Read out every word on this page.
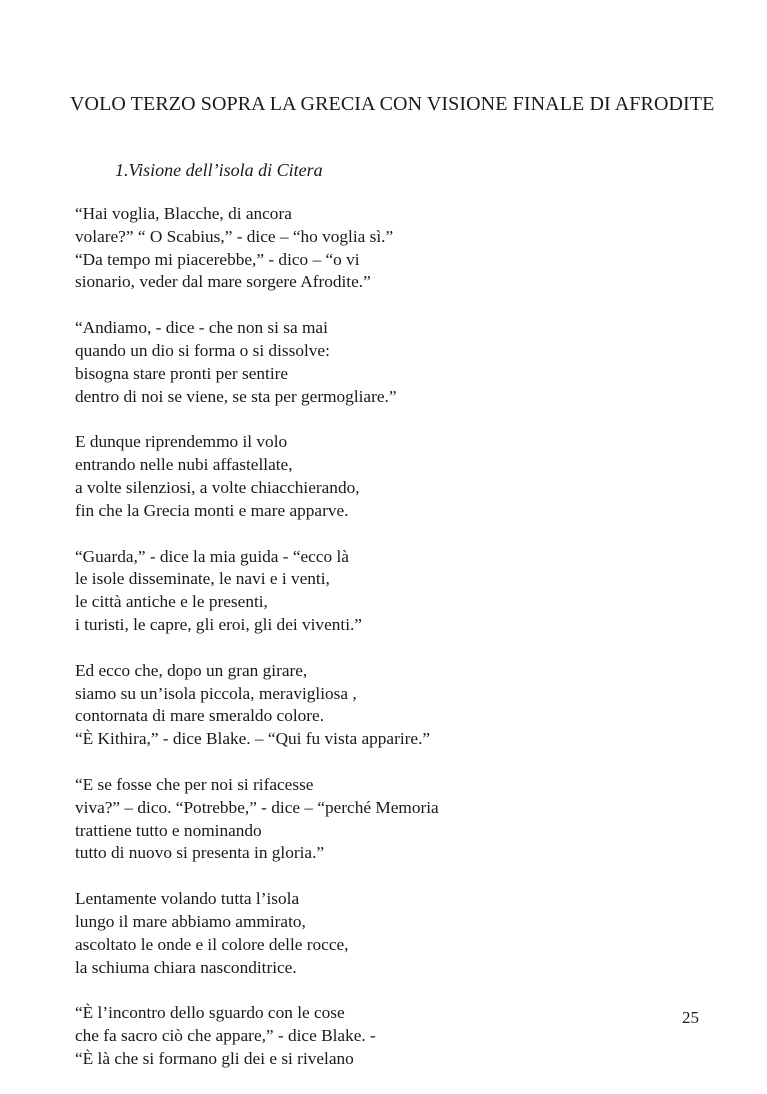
VOLO TERZO SOPRA LA GRECIA CON VISIONE FINALE DI AFRODITE
1.Visione dell’isola di Citera
“Hai voglia, Blacche, di ancora
volare?” “ O Scabius,” - dice – “ho voglia sì.”
“Da tempo mi piacerebbe,” - dico – “o vi
sionario, veder dal mare sorgere Afrodite.”
“Andiamo, - dice - che non si sa mai
quando un dio si forma o si dissolve:
bisogna stare pronti per sentire
dentro di noi se viene, se sta per germogliare.”
E dunque riprendemmo il volo
entrando nelle nubi affastellate,
a volte silenziosi, a volte chiacchierando,
fin che la Grecia monti e mare apparve.
“Guarda,” - dice la mia guida - “ecco là
le isole disseminate, le navi e i venti,
le città antiche e le presenti,
i turisti, le capre, gli eroi, gli dei viventi.”
Ed ecco che, dopo un gran girare,
siamo su un’isola piccola, meravigliosa ,
contornata di mare smeraldo colore.
“È Kithira,” - dice Blake. – “Qui fu vista apparire.”
“E se fosse che per noi si rifacesse
viva?” – dico. “Potrebbe,” - dice – “perché Memoria
trattiene tutto e nominando
tutto di nuovo si presenta in gloria.”
Lentamente volando tutta l’isola
lungo il mare abbiamo ammirato,
ascoltato le onde e il colore delle rocce,
la schiuma chiara nasconditrice.
“È l’incontro dello sguardo con le cose
che fa sacro ciò che appare,” - dice Blake. -
“È là che si formano gli dei e si rivelano
25
